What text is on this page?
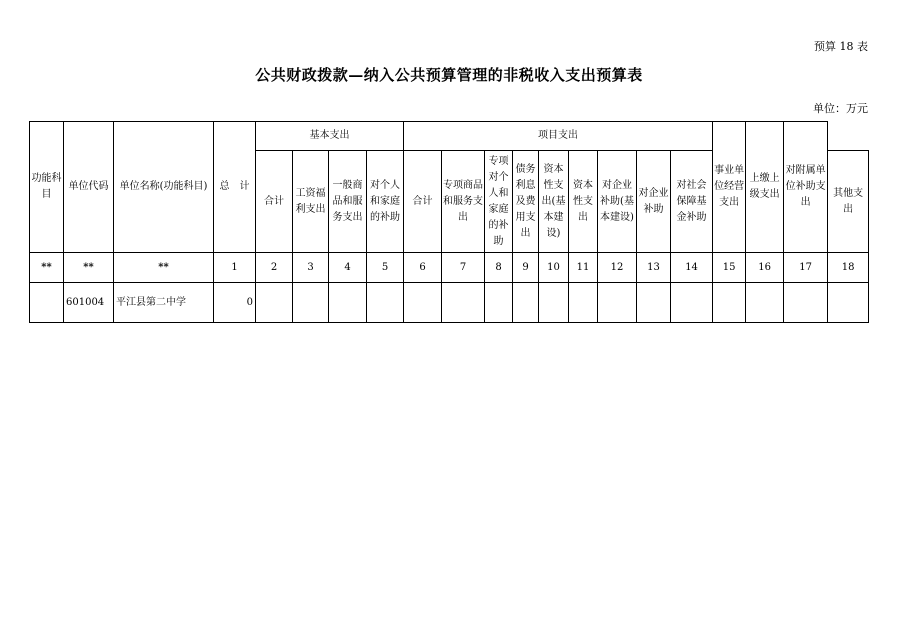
预算 18 表
公共财政拨款—纳入公共预算管理的非税收入支出预算表
单位：万元
功能科目	单位代码	单位名称(功能科目)	总　计	基本支出				项目支出									事业单位经营支出	上缴上级支出	对附属单位补助支出	
				合计	工资福利支出	一般商品和服务支出	对个人和家庭的补助	合计	专项商品和服务支出	专项对个人和家庭的补助	债务利息及费用支出	资本性支出(基本建设)	资本性支出	对企业补助(基本建设)	对企业补助	对社会保障基金补助				其他支出
**	**	**	1	2	3	4	5	6	7	8	9	10	11	12	13	14	15	16	17	18
	601004	平江县第二中学	0																	
